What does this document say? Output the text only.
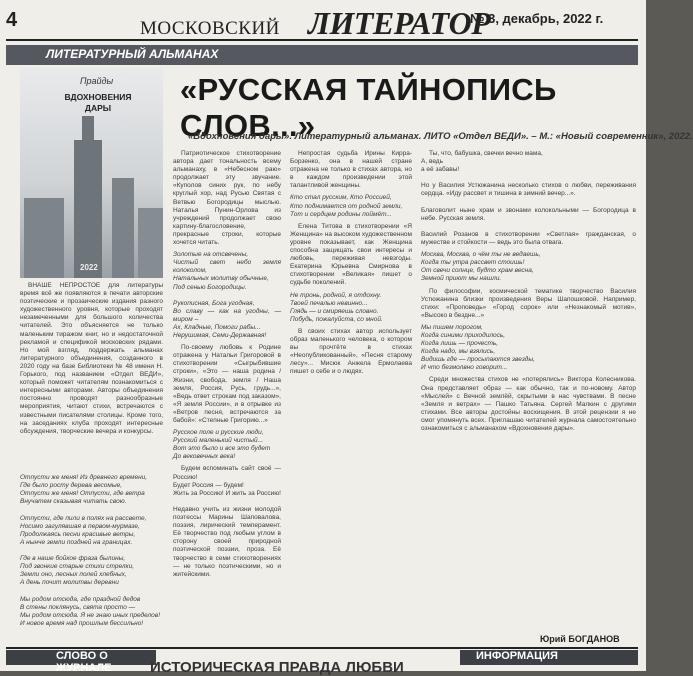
4	МОСКОВСКИЙ ЛИТЕРАТОР
№ 3, декабрь, 2022 г.
ЛИТЕРАТУРНЫЙ АЛЬМАНАХ
Прайды
ВДОХНОВЕНИЯ ДАРЫ
2022
«РУССКАЯ ТАЙНОПИСЬ СЛОВ...»
«Вдохновения дары». Литературный альманах. ЛИТО «Отдел ВЕДИ». – М.: «Новый современник», 2022.

ВНАШЕ НЕПРОСТОЕ для литературы время всё же появляются в печати авторские поэтические и прозаические издания разного художественного уровня, которые проходят незамеченными для большого количества читателей. Это объясняется не только маленьким тиражом книг, но и недостаточной рекламой и спецификой московских рядами. Но мой взгляд, поддержать альманах литературного объединения, созданного в 2020 году на базе Библиотеки № 48 имени Н. Горького, под названием «Отдел ВЕДИ», который поможет читателям познакомиться с интересными авторами. Авторы объединения постоянно проводят разнообразные мероприятия, читают стихи, встречаются с известными писателями столицы. Кроме того, на заседаниях клуба проходят интересные обсуждения, творческие вечера и конкурсы.

Отпусти же меня! Из древнего времени,
Где было росту дерева весомые,
Отпусти же меня! Отпусти, где ветра
Внучатем сказывая читать свою.

Отпусти, где пили в полях на рассвете,
Носимо загулявшая в первом-мурмазе,
Продолжаясь песни красивые ветры,
А нынче земли поздней на границах.

Где в наше бойкое фраза былины,
Под звонкие старые стихи стрелки,
Земли оно, лесных полей хлебных,
А день почит молитвы деревни

Мы родом отсюда, где праздной дедов
В стены поклянусь, свята просто —
Мы родом отсюда. Я не знаю иных пределов!
И новое время над прошлым бессильно!

Патриотическое стихотворение автора дает тональность всему альманаху, в «Небесном раю» продолжает эту звучание. «Куполов синих рук, по небу круглый хор, над Русью Святая с Ветвью Богородицы мыслью. Наталья Пунин-Орлова из учреждений продолжает свою картину-благословение, прекрасные строки, которые хочется читать.

Золотые на отсвечены,
Чистый свет небо земля колоколом,
Натальных молитву обычные,
Под сенью Богородицы.

Рукописная, Бога угодная,
Во славу — как на угодны, — миром –
Ах, Кладные, Помоги рабы...
Нерушимая, Семи-Державная!

По-своему любовь к Родине отражена у Натальи Григоровой в стихотворении «Сыгрыбившие строки», «Это — наша родина / Жизни, свобода, земля / Наша земля, Россия, Русь, грудь...», «Ведь ответ строкам под заказом», «Я земля России», и в отрывке из «Ветров песня, встречаются за бабой»: «Степные Григорию...»

Русское поле и русские люди,
Русский маленький чистый...
Вот это было и все это будет
До вековечных века!

Будем вспоминать сайт своё — Россию!
Будет Россия — будем!
Жить за Россию! И жить за Россию!

Недавно учить из жизни молодой поэтессы Марины Шаповалова, поэзия, лирический темперамент. Её творчество под любым углом в сторону своей природной поэтической поэзии, проза. Её творчество в семи стихотворениях — не только поэтическими, но и житейскими.

Непростая судьба Ирины Кирра-Борзенко, она в нашей стране отражена не только в стихах автора, но в каждом произведении этой талантливой женщины.

Кто стал русским, Кто Россией,
Кто поднимается от родной земли,
Тот и сердцем родины поймёт...

Елена Титова в стихотворении «Я Женщина» на высоком художественном уровне показывает, как Женщина способна защищать свои интересы и любовь, переживая невзгоды. Екатерина Юрьевна Смирнова в стихотворении «Великая» пишет о судьбе поколений.

Не тронь, родной, я отдохну.
Твоей печалью невинно...
Глядь — и смиряешь словно.
Побудь, пожалуйста, со мной.

В своих стихах автор использует образ маленького человека, о котором вы прочтёте в стихах «Неопубликованный», «Песня старому лесу»... Мисюк Анжела Ермолаева пишет о себе и о людях.

Ты, что, бабушка, свечки вечно мама,
А, ведь
а её забавы!

Но у Василия Устюжанина несколько стихов о любви, переживания сердца. «Иду рассвет и тишина в зимний вечер...».

Благоволит ныне храм и звонами колокольными — Богородица в небе. Русская земля.

Василий Розанов в стихотворении «Светлая» гражданская, о мужестве и стойкости — ведь это была отвага.

Москва, Москва, о чём ты не ведаешь,
Когда ты утра рассвет стоишь!
От свечи солнце, будто храм весна,
Земной приют мы нашли.

По философии, космической тематике творчество Василия Устюжанина близки произведения Веры Шапошковой. Например, стихи: «Проповедь» «Город сорок» или «Незнакомый мотив», «Высоко в бездне...»

Мы пишем порогом,
Когда синими приходилось,
Когда лишь — прочесть,
Когда надо, мы взялись,
Видишь где — просыпаются звезды,
И что безмолвно говорит...

Среди множества стихов не «потерялись» Виктора Колесникова. Она представляет образ — как обычно, так и по-новому. Автор «Мыслей» с Вечной землёй, скрытыми в нас чувствами. В песне «Земля и ветрах» — Пашко Татьяна. Сергей Малкин с другими стихами. Все авторы достойны восхищения. В этой рецензии я не смог упомянуть всех. Приглашаю читателей журнала самостоятельно ознакомиться с альманахом «Вдохновения дары».

Юрий БОГДАНОВ
СЛОВО О ЖУРНАЛЕ
ИНФОРМАЦИЯ
ИСТОРИЧЕСКАЯ ПРАВДА ЛЮБВИ
